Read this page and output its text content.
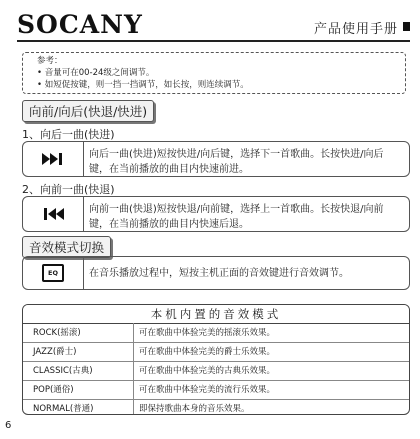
SOCANY	产品使用手册
参考：
• 音量可在00-24级之间调节。
• 如短促按键，则一挡一挡调节，如长按，则连续调节。
向前/向后(快退/快进)
1、向后一曲(快进)
向后一曲(快进)短按快进/向后键，选择下一首歌曲。长按快进/向后键，在当前播放的曲目内快速前进。
2、向前一曲(快退)
向前一曲(快退)短按快退/向前键，选择上一首歌曲。长按快退/向前键，在当前播放的曲目内快速后退。
音效模式切换
EQ	在音乐播放过程中，短按主机正面的音效键进行音效调节。
本机内置的音效模式
ROCK(摇滚)	可在歌曲中体验完美的摇滚乐效果。
JAZZ(爵士)	可在歌曲中体验完美的爵士乐效果。
CLASSIC(古典)	可在歌曲中体验完美的古典乐效果。
POP(通俗)	可在歌曲中体验完美的流行乐效果。
NORMAL(普通)	即保持歌曲本身的音乐效果。
6
